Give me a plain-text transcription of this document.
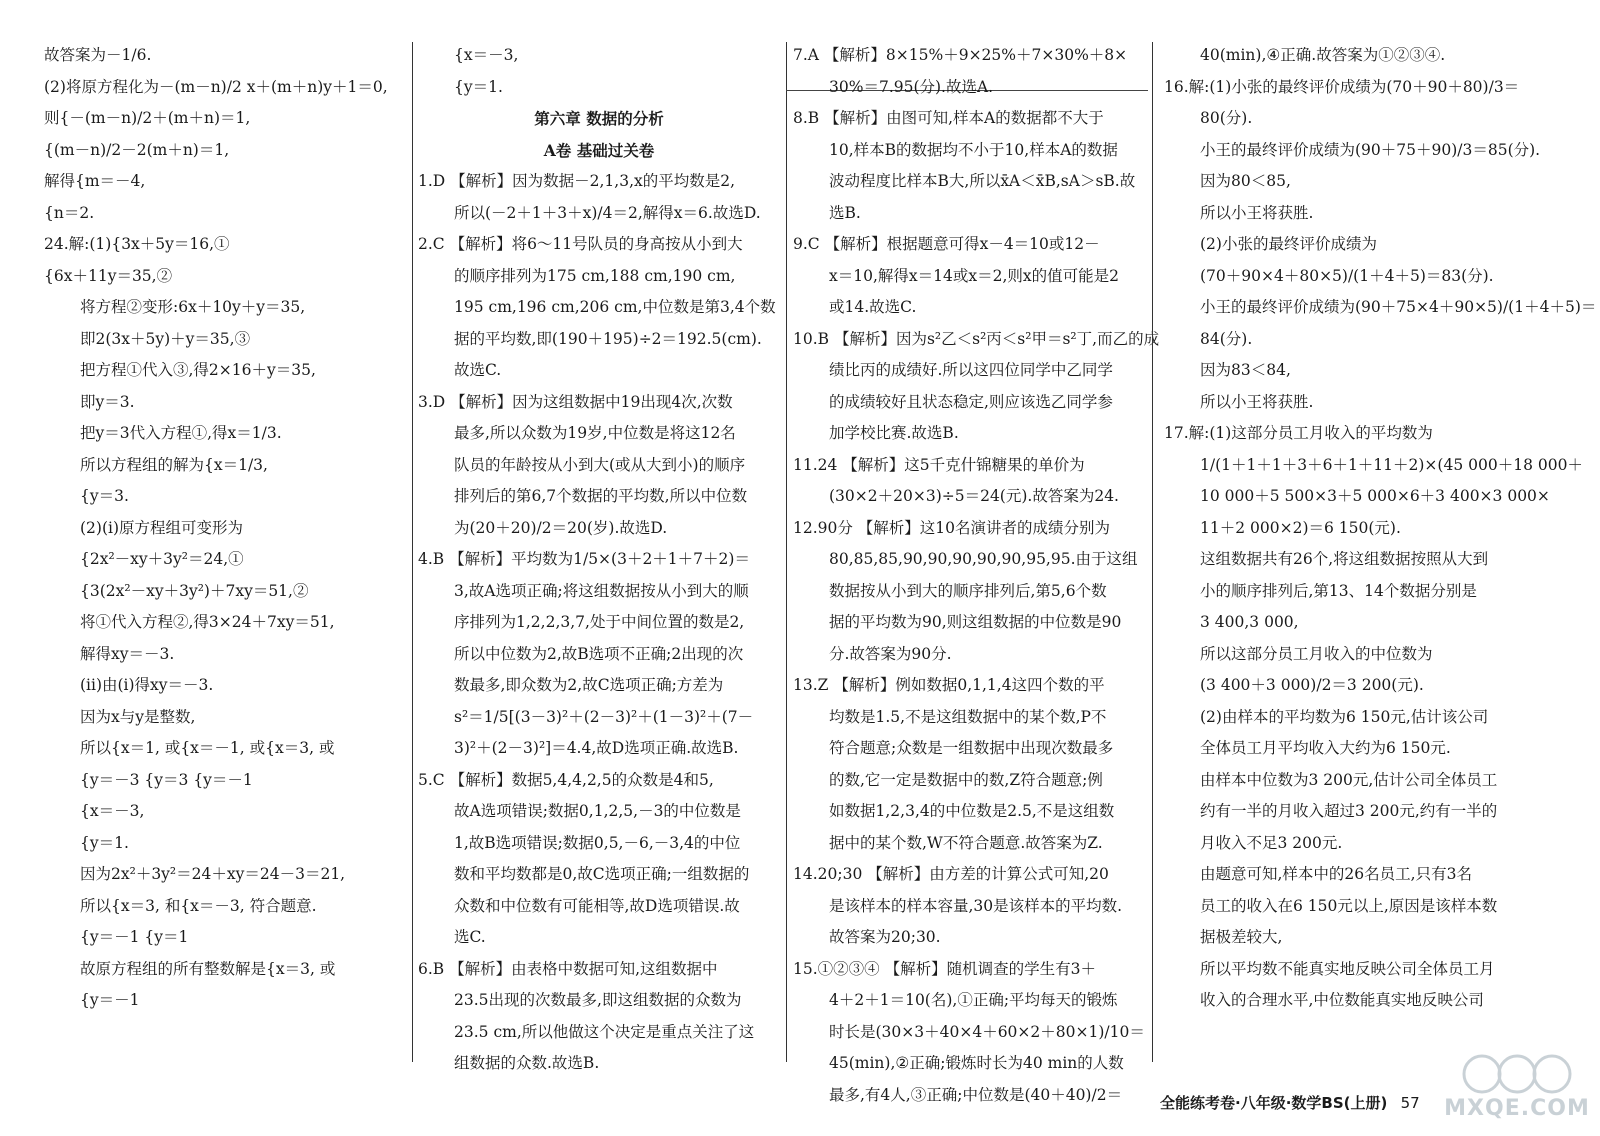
故答案为－1/6.

(2)将原方程化为－(m－n)/2 x＋(m＋n)y＋1＝0,

则{－(m－n)/2＋(m＋n)＝1,

{(m－n)/2－2(m＋n)＝1,

解得{m＝－4,

{n＝2.

24.解:(1){3x＋5y＝16,①

{6x＋11y＝35,②

将方程②变形:6x＋10y＋y＝35,

即2(3x＋5y)＋y＝35,③

把方程①代入③,得2×16＋y＝35,

即y＝3.

把y＝3代入方程①,得x＝1/3.

所以方程组的解为{x＝1/3,

{y＝3.

(2)(i)原方程组可变形为

{2x²－xy＋3y²＝24,①

{3(2x²－xy＋3y²)＋7xy＝51,②

将①代入方程②,得3×24＋7xy＝51,

解得xy＝－3.

(ii)由(i)得xy＝－3.

因为x与y是整数,

所以{x＝1, 或{x＝－1, 或{x＝3, 或

{y＝－3 {y＝3 {y＝－1

{x＝－3,

{y＝1.

因为2x²＋3y²＝24＋xy＝24－3＝21,

所以{x＝3, 和{x＝－3, 符合题意.

{y＝－1 {y＝1

故原方程组的所有整数解是{x＝3, 或

{y＝－1

{x＝－3,

{y＝1.

第六章 数据的分析

A卷 基础过关卷

1.D 【解析】因为数据－2,1,3,x的平均数是2,

所以(－2＋1＋3＋x)/4＝2,解得x＝6.故选D.

2.C 【解析】将6～11号队员的身高按从小到大

的顺序排列为175 cm,188 cm,190 cm,

195 cm,196 cm,206 cm,中位数是第3,4个数

据的平均数,即(190＋195)÷2＝192.5(cm).

故选C.

3.D 【解析】因为这组数据中19出现4次,次数

最多,所以众数为19岁,中位数是将这12名

队员的年龄按从小到大(或从大到小)的顺序

排列后的第6,7个数据的平均数,所以中位数

为(20＋20)/2＝20(岁).故选D.

4.B 【解析】平均数为1/5×(3＋2＋1＋7＋2)＝

3,故A选项正确;将这组数据按从小到大的顺

序排列为1,2,2,3,7,处于中间位置的数是2,

所以中位数为2,故B选项不正确;2出现的次

数最多,即众数为2,故C选项正确;方差为

s²＝1/5[(3－3)²＋(2－3)²＋(1－3)²＋(7－

3)²＋(2－3)²]＝4.4,故D选项正确.故选B.

5.C 【解析】数据5,4,4,2,5的众数是4和5,

故A选项错误;数据0,1,2,5,－3的中位数是

1,故B选项错误;数据0,5,－6,－3,4的中位

数和平均数都是0,故C选项正确;一组数据的

众数和中位数有可能相等,故D选项错误.故

选C.

6.B 【解析】由表格中数据可知,这组数据中

23.5出现的次数最多,即这组数据的众数为

23.5 cm,所以他做这个决定是重点关注了这

组数据的众数.故选B.

7.A 【解析】8×15%＋9×25%＋7×30%＋8×

30%＝7.95(分).故选A.

8.B 【解析】由图可知,样本A的数据都不大于

10,样本B的数据均不小于10,样本A的数据

波动程度比样本B大,所以x̄A＜x̄B,sA＞sB.故

选B.

9.C 【解析】根据题意可得x－4＝10或12－

x＝10,解得x＝14或x＝2,则x的值可能是2

或14.故选C.

10.B 【解析】因为s²乙＜s²丙＜s²甲＝s²丁,而乙的成

绩比丙的成绩好.所以这四位同学中乙同学

的成绩较好且状态稳定,则应该选乙同学参

加学校比赛.故选B.

11.24 【解析】这5千克什锦糖果的单价为

(30×2＋20×3)÷5＝24(元).故答案为24.

12.90分 【解析】这10名演讲者的成绩分别为

80,85,85,90,90,90,90,90,95,95.由于这组

数据按从小到大的顺序排列后,第5,6个数

据的平均数为90,则这组数据的中位数是90

分.故答案为90分.

13.Z 【解析】例如数据0,1,1,4这四个数的平

均数是1.5,不是这组数据中的某个数,P不

符合题意;众数是一组数据中出现次数最多

的数,它一定是数据中的数,Z符合题意;例

如数据1,2,3,4的中位数是2.5,不是这组数

据中的某个数,W不符合题意.故答案为Z.

14.20;30 【解析】由方差的计算公式可知,20

是该样本的样本容量,30是该样本的平均数.

故答案为20;30.

15.①②③④ 【解析】随机调查的学生有3＋

4＋2＋1＝10(名),①正确;平均每天的锻炼

时长是(30×3＋40×4＋60×2＋80×1)/10＝

45(min),②正确;锻炼时长为40 min的人数

最多,有4人,③正确;中位数是(40＋40)/2＝

40(min),④正确.故答案为①②③④.

16.解:(1)小张的最终评价成绩为(70＋90＋80)/3＝

80(分).

小王的最终评价成绩为(90＋75＋90)/3＝85(分).

因为80＜85,

所以小王将获胜.

(2)小张的最终评价成绩为

(70＋90×4＋80×5)/(1＋4＋5)＝83(分).

小王的最终评价成绩为(90＋75×4＋90×5)/(1＋4＋5)＝

84(分).

因为83＜84,

所以小王将获胜.

17.解:(1)这部分员工月收入的平均数为

1/(1＋1＋1＋3＋6＋1＋11＋2)×(45 000＋18 000＋

10 000＋5 500×3＋5 000×6＋3 400×3 000×

11＋2 000×2)＝6 150(元).

这组数据共有26个,将这组数据按照从大到

小的顺序排列后,第13、14个数据分别是

3 400,3 000,

所以这部分员工月收入的中位数为

(3 400＋3 000)/2＝3 200(元).

(2)由样本的平均数为6 150元,估计该公司

全体员工月平均收入大约为6 150元.

由样本中位数为3 200元,估计公司全体员工

约有一半的月收入超过3 200元,约有一半的

月收入不足3 200元.

由题意可知,样本中的26名员工,只有3名

员工的收入在6 150元以上,原因是该样本数

据极差较大,

所以平均数不能真实地反映公司全体员工月

收入的合理水平,中位数能真实地反映公司

全能练考卷·八年级·数学BS(上册) 57	MXQE.COM
